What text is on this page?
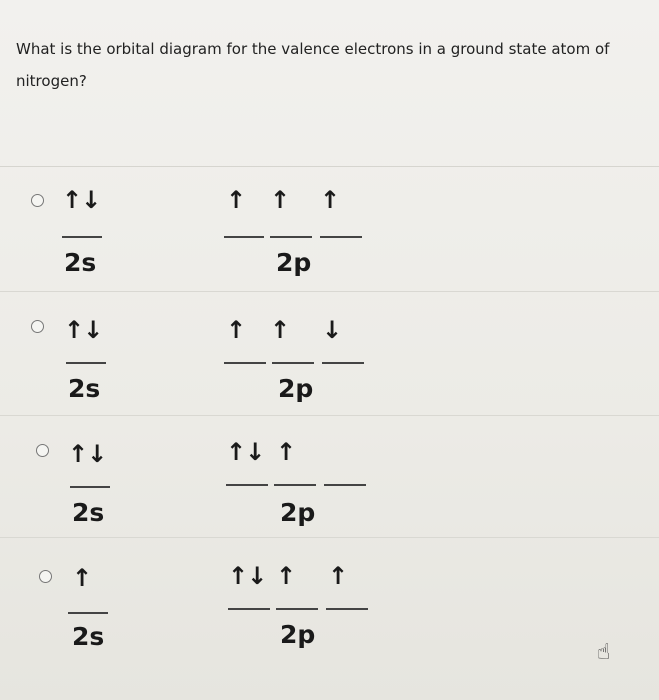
What is the orbital diagram for the valence electrons in a ground state atom of
nitrogen?
↑↓
2s
↑ ↑ ↑
2p
↑↓
2s
↑ ↑ ↓
2p
↑↓
2s
↑↓ ↑
2p
↑
2s
↑↓ ↑ ↑
2p
☝
